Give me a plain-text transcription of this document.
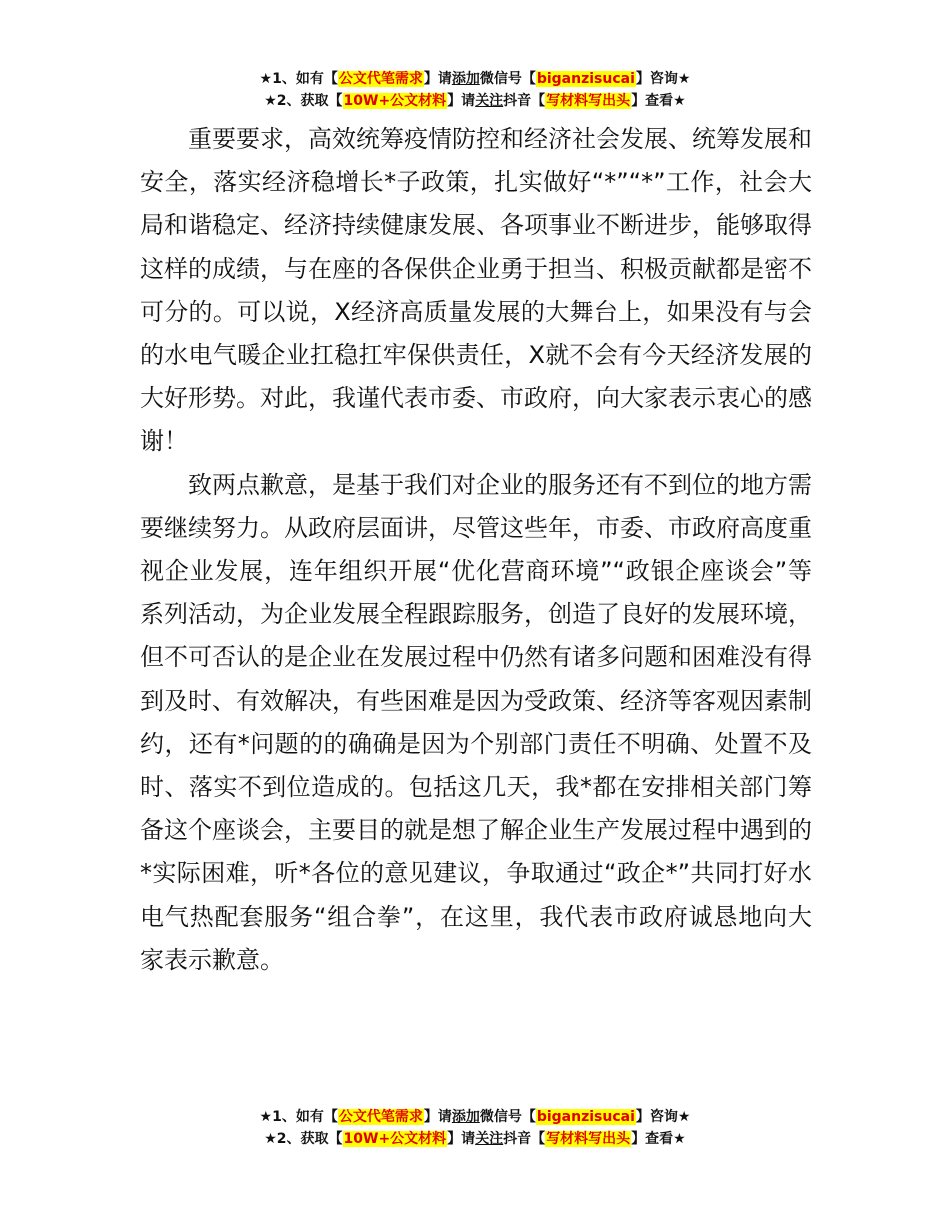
★1、如有【公文代笔需求】请添加微信号【biganzisucai】咨询★
★2、获取【10W+公文材料】请关注抖音【写材料写出头】查看★

重要要求，高效统筹疫情防控和经济社会发展、统筹发展和安全，落实经济稳增长*子政策，扎实做好“*”“*”工作，社会大局和谐稳定、经济持续健康发展、各项事业不断进步，能够取得这样的成绩，与在座的各保供企业勇于担当、积极贡献都是密不可分的。可以说，X经济高质量发展的大舞台上，如果没有与会的水电气暖企业扛稳扛牢保供责任，X就不会有今天经济发展的大好形势。对此，我谨代表市委、市政府，向大家表示衷心的感谢！

致两点歉意，是基于我们对企业的服务还有不到位的地方需要继续努力。从政府层面讲，尽管这些年，市委、市政府高度重视企业发展，连年组织开展“优化营商环境”“政银企座谈会”等系列活动，为企业发展全程跟踪服务，创造了良好的发展环境，但不可否认的是企业在发展过程中仍然有诸多问题和困难没有得到及时、有效解决，有些困难是因为受政策、经济等客观因素制约，还有*问题的的确确是因为个别部门责任不明确、处置不及时、落实不到位造成的。包括这几天，我*都在安排相关部门筹备这个座谈会，主要目的就是想了解企业生产发展过程中遇到的*实际困难，听*各位的意见建议，争取通过“政企*”共同打好水电气热配套服务“组合拳”，在这里，我代表市政府诚恳地向大家表示歉意。

★1、如有【公文代笔需求】请添加微信号【biganzisucai】咨询★
★2、获取【10W+公文材料】请关注抖音【写材料写出头】查看★
